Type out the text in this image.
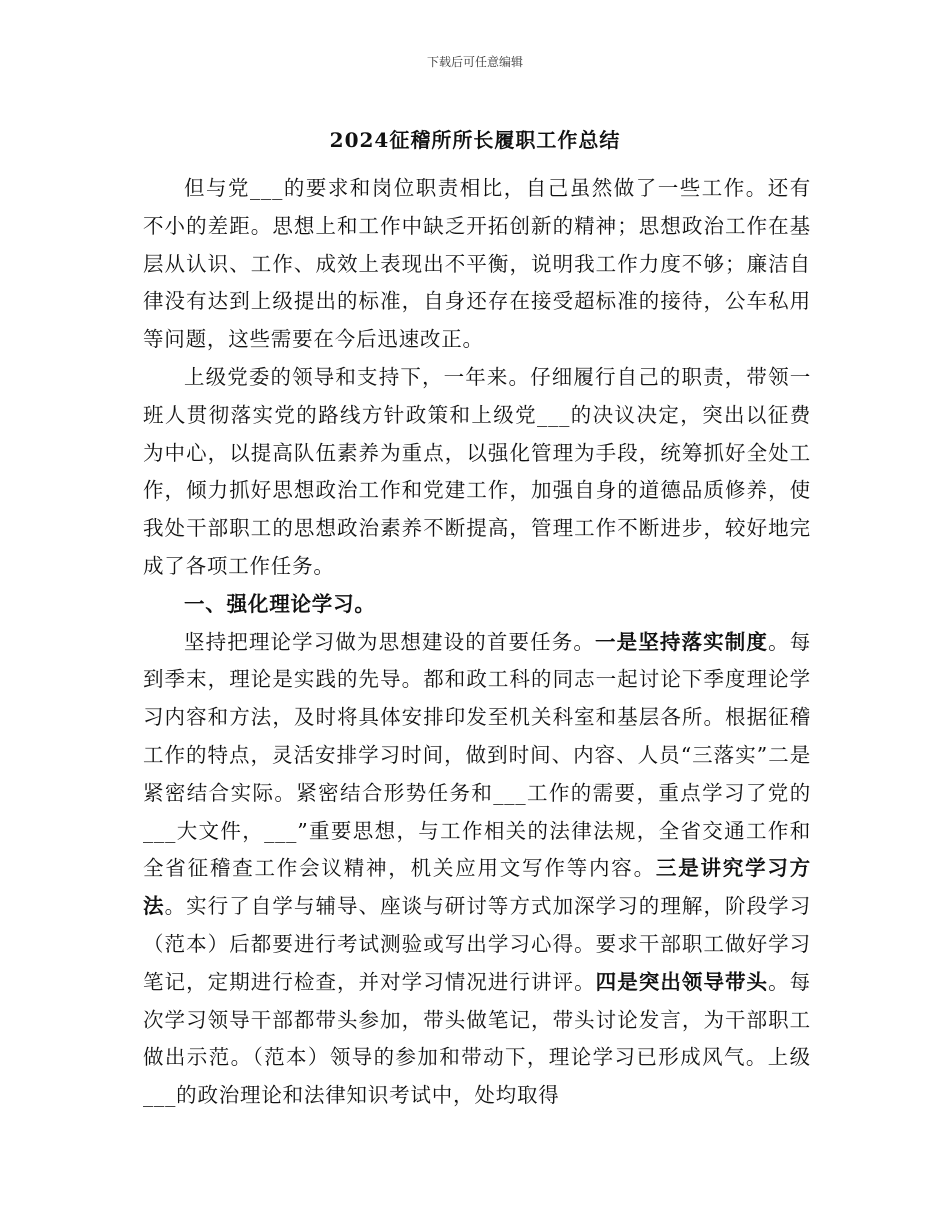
下载后可任意编辑
2024征稽所所长履职工作总结

但与党___的要求和岗位职责相比，自己虽然做了一些工作。还有不小的差距。思想上和工作中缺乏开拓创新的精神；思想政治工作在基层从认识、工作、成效上表现出不平衡，说明我工作力度不够；廉洁自律没有达到上级提出的标准，自身还存在接受超标准的接待，公车私用等问题，这些需要在今后迅速改正。

上级党委的领导和支持下，一年来。仔细履行自己的职责，带领一班人贯彻落实党的路线方针政策和上级党___的决议决定，突出以征费为中心，以提高队伍素养为重点，以强化管理为手段，统筹抓好全处工作，倾力抓好思想政治工作和党建工作，加强自身的道德品质修养，使我处干部职工的思想政治素养不断提高，管理工作不断进步，较好地完成了各项工作任务。

一、强化理论学习。

坚持把理论学习做为思想建设的首要任务。一是坚持落实制度。每到季末，理论是实践的先导。都和政工科的同志一起讨论下季度理论学习内容和方法，及时将具体安排印发至机关科室和基层各所。根据征稽工作的特点，灵活安排学习时间，做到时间、内容、人员“三落实”二是紧密结合实际。紧密结合形势任务和___工作的需要，重点学习了党的___大文件，___”重要思想，与工作相关的法律法规，全省交通工作和全省征稽查工作会议精神，机关应用文写作等内容。三是讲究学习方法。实行了自学与辅导、座谈与研讨等方式加深学习的理解，阶段学习（范本）后都要进行考试测验或写出学习心得。要求干部职工做好学习笔记，定期进行检查，并对学习情况进行讲评。四是突出领导带头。每次学习领导干部都带头参加，带头做笔记，带头讨论发言，为干部职工做出示范。（范本）领导的参加和带动下，理论学习已形成风气。上级___的政治理论和法律知识考试中，处均取得
